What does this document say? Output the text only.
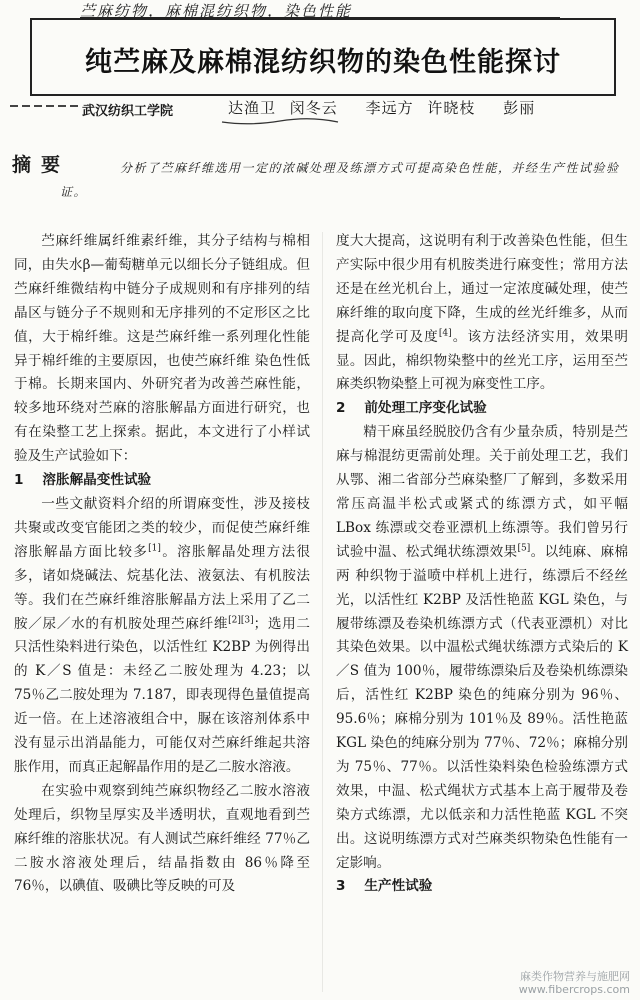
苎麻纺物，麻棉混纺织物，染色性能
纯苎麻及麻棉混纺织物的染色性能探讨
武汉纺织工学院	达渔卫 闵冬云 李远方 许晓枝 彭丽
摘要	分析了苎麻纤维选用一定的浓碱处理及练漂方式可提高染色性能，并经生产性试验验证。

苎麻纤维属纤维素纤维，其分子结构与棉相同，由失水β—葡萄糖单元以细长分子链组成。但苎麻纤维微结构中链分子成规则和有序排列的结晶区与链分子不规则和无序排列的不定形区之比值，大于棉纤维。这是苎麻纤维一系列理化性能异于棉纤维的主要原因，也使苎麻纤维 染色性低于棉。长期来国内、外研究者为改善苎麻性能，较多地环绕对苎麻的溶胀解晶方面进行研究，也有在染整工艺上探索。据此，本文进行了小样试验及生产试验如下：

1 溶胀解晶变性试验

一些文献资料介绍的所谓麻变性，涉及接枝共聚或改变官能团之类的较少，而促使苎麻纤维溶胀解晶方面比较多[1]。溶胀解晶处理方法很多，诸如烧碱法、烷基化法、液氨法、有机胺法等。我们在苎麻纤维溶胀解晶方法上采用了乙二胺／尿／水的有机胺处理苎麻纤维[2][3]；选用二只活性染料进行染色，以活性红 K2BP 为例得出的 K／S 值是：未经乙二胺处理为 4.23；以 75％乙二胺处理为 7.187，即表现得色量值提高近一倍。在上述溶液组合中，脲在该溶剂体系中没有显示出消晶能力，可能仅对苎麻纤维起共溶胀作用，而真正起解晶作用的是乙二胺水溶液。

在实验中观察到纯苎麻织物经乙二胺水溶液处理后，织物呈厚实及半透明状，直观地看到苎麻纤维的溶胀状况。有人测试苎麻纤维经 77％乙二胺水溶液处理后，结晶指数由 86％降至 76％，以碘值、吸碘比等反映的可及

度大大提高，这说明有利于改善染色性能，但生产实际中很少用有机胺类进行麻变性；常用方法还是在丝光机台上，通过一定浓度碱处理，使苎麻纤维的取向度下降，生成的丝光纤维多，从而提高化学可及度[4]。该方法经济实用，效果明显。因此，棉织物染整中的丝光工序，运用至苎麻类织物染整上可视为麻变性工序。

2 前处理工序变化试验

精干麻虽经脱胶仍含有少量杂质，特别是苎麻与棉混纺更需前处理。关于前处理工艺，我们从鄂、湘二省部分苎麻染整厂了解到，多数采用常压高温半松式或紧式的练漂方式，如平幅 LBox 练漂或交卷亚漂机上练漂等。我们曾另行试验中温、松式绳状练漂效果[5]。以纯麻、麻棉两 种织物于溢喷中样机上进行，练漂后不经丝光，以活性红 K2BP 及活性艳蓝 KGL 染色，与履带练漂及卷染机练漂方式（代表亚漂机）对比其染色效果。以中温松式绳状练漂方式染后的 K／S 值为 100％，履带练漂染后及卷染机练漂染后，活性红 K2BP 染色的纯麻分别为 96％、95.6％；麻棉分别为 101％及 89％。活性艳蓝 KGL 染色的纯麻分别为 77％、72％；麻棉分别为 75％、77％。以活性染料染色检验练漂方式效果，中温、松式绳状方式基本上高于履带及卷染方式练漂，尤以低亲和力活性艳蓝 KGL 不突出。这说明练漂方式对苎麻类织物染色性能有一定影响。

3 生产性试验
麻类作物营养与施肥网
www.fibercrops.com
